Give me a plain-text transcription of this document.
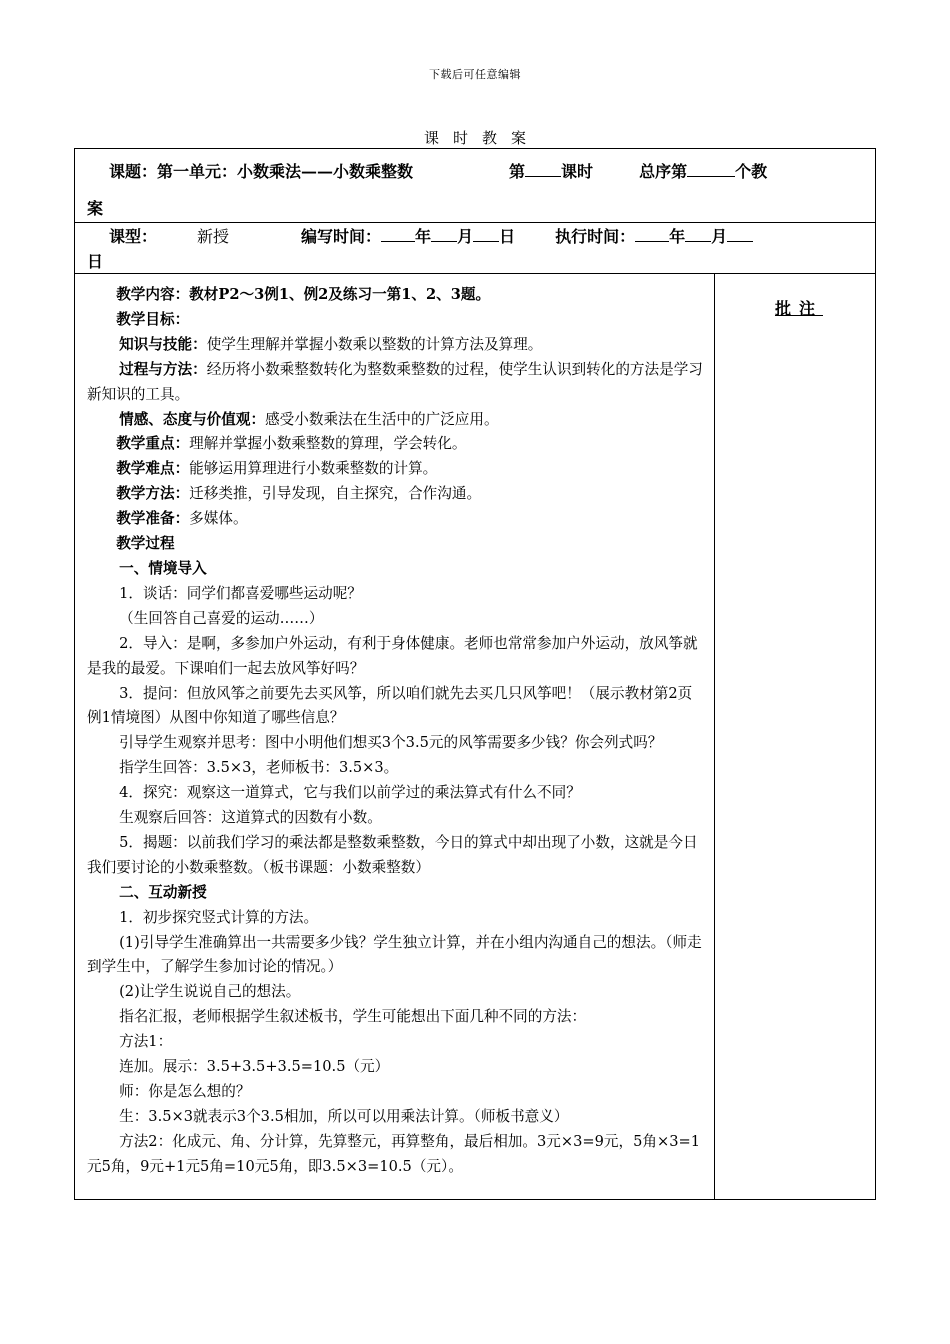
下载后可任意编辑
课时教案
课题：第一单元：小数乘法——小数乘整数	第 课时	总序第	个教
案
课型：	新授	编写时间： 年 月 日	执行时间： 年 月
日

教学内容：教材P2～3例1、例2及练习一第1、2、3题。

教学目标：

知识与技能：使学生理解并掌握小数乘以整数的计算方法及算理。

过程与方法：经历将小数乘整数转化为整数乘整数的过程，使学生认识到转化的方法是学习新知识的工具。

情感、态度与价值观：感受小数乘法在生活中的广泛应用。

教学重点：理解并掌握小数乘整数的算理，学会转化。

教学难点：能够运用算理进行小数乘整数的计算。

教学方法：迁移类推，引导发现，自主探究，合作沟通。

教学准备：多媒体。

教学过程

一、情境导入

1．谈话：同学们都喜爱哪些运动呢？

（生回答自己喜爱的运动……）

2．导入：是啊，多参加户外运动，有利于身体健康。老师也常常参加户外运动，放风筝就是我的最爱。下课咱们一起去放风筝好吗？

3．提问：但放风筝之前要先去买风筝，所以咱们就先去买几只风筝吧！（展示教材第2页例1情境图）从图中你知道了哪些信息？

引导学生观察并思考：图中小明他们想买3个3.5元的风筝需要多少钱？你会列式吗？

指学生回答：3.5×3，老师板书：3.5×3。

4．探究：观察这一道算式，它与我们以前学过的乘法算式有什么不同？

生观察后回答：这道算式的因数有小数。

5．揭题：以前我们学习的乘法都是整数乘整数，今日的算式中却出现了小数，这就是今日我们要讨论的小数乘整数。（板书课题：小数乘整数）

二、互动新授

1．初步探究竖式计算的方法。

(1)引导学生准确算出一共需要多少钱？学生独立计算，并在小组内沟通自己的想法。（师走到学生中，了解学生参加讨论的情况。）

(2)让学生说说自己的想法。

指名汇报，老师根据学生叙述板书，学生可能想出下面几种不同的方法：

方法1：

连加。展示：3.5+3.5+3.5=10.5（元）

师：你是怎么想的？

生：3.5×3就表示3个3.5相加，所以可以用乘法计算。（师板书意义）

方法2：化成元、角、分计算，先算整元，再算整角，最后相加。3元×3=9元，5角×3=1元5角，9元+1元5角=10元5角，即3.5×3=10.5（元）。

批注
